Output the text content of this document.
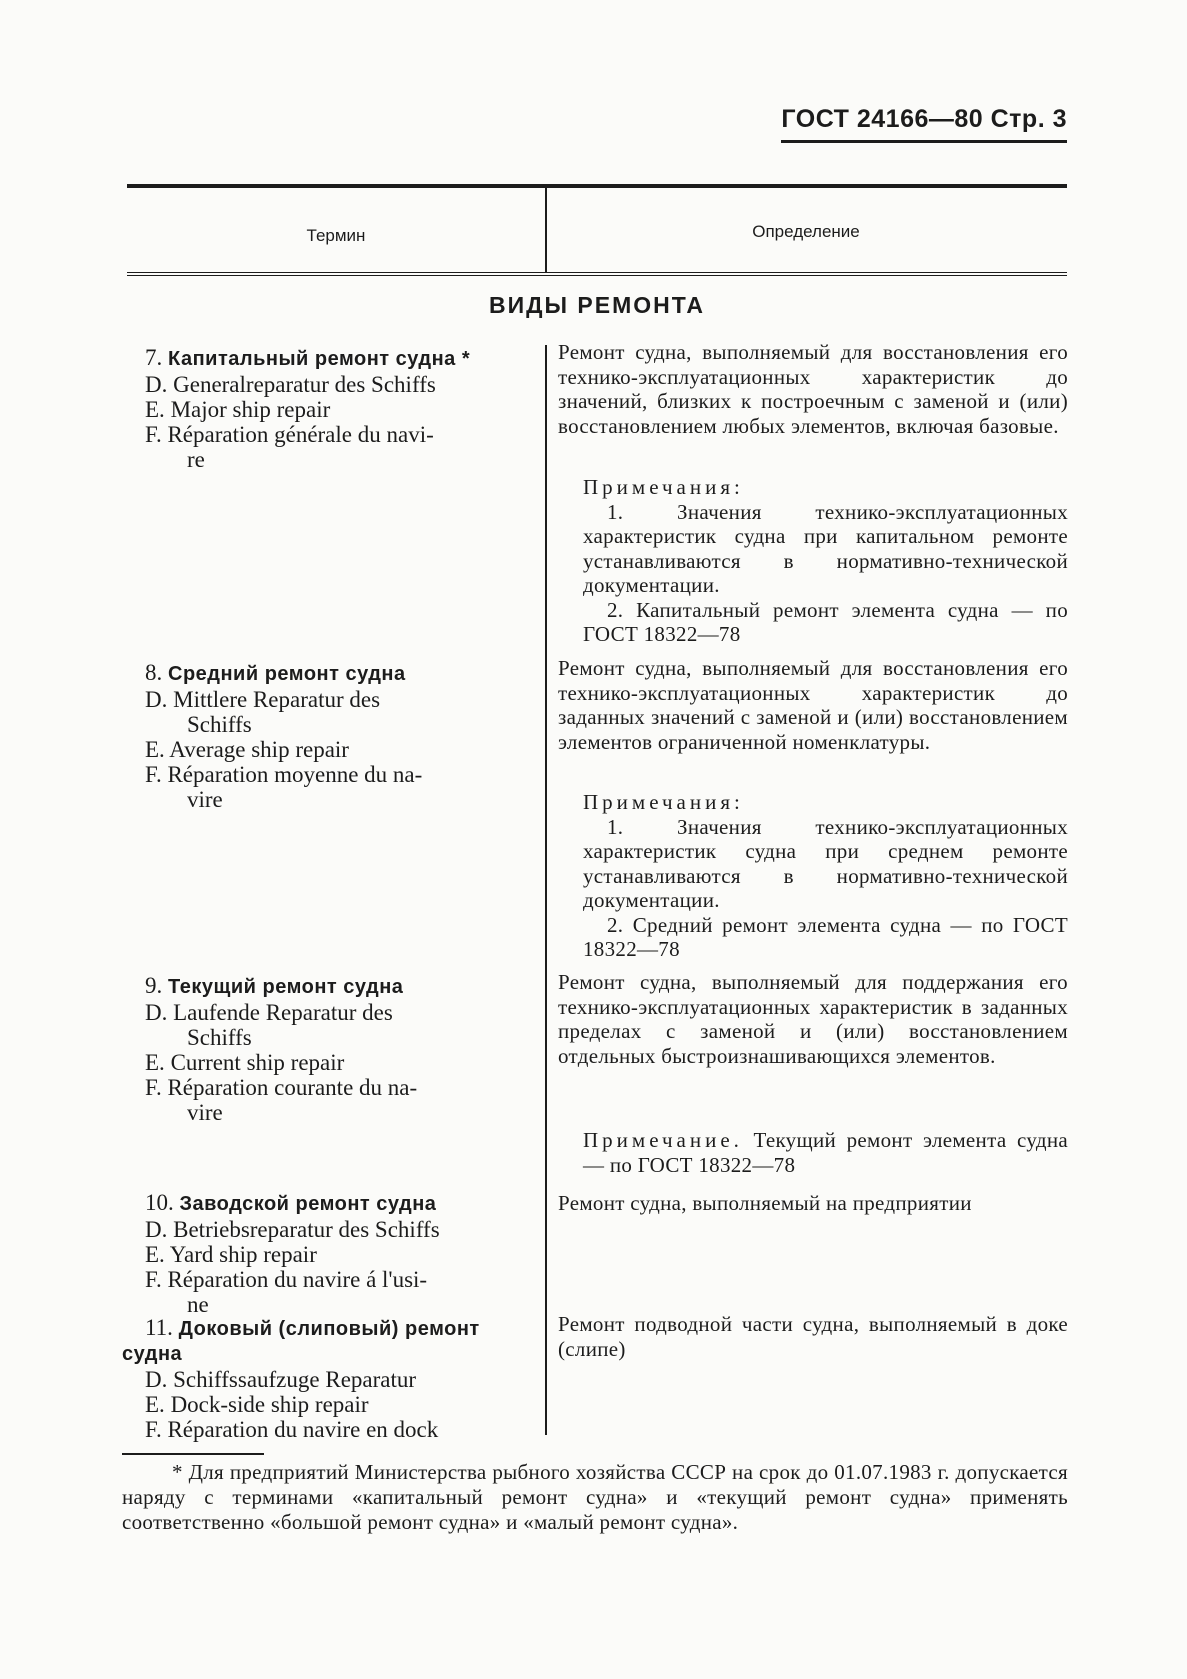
ГОСТ 24166—80 Стр. 3
Термин	Определение
ВИДЫ РЕМОНТА
7. Капитальный ремонт судна *
D. Generalreparatur des Schiffs
E. Major ship repair
F. Réparation générale du navi-
re

Ремонт судна, выполняемый для восстановления его технико-эксплуатационных характеристик до значений, близких к построечным с заменой и (или) восстановлением любых элементов, включая базовые.

Примечания:

1. Значения технико-эксплуатационных характеристик судна при капитальном ремонте устанавливаются в нормативно-технической документации.

2. Капитальный ремонт элемента судна — по ГОСТ 18322—78

8. Средний ремонт судна
D. Mittlere Reparatur des
Schiffs
E. Average ship repair
F. Réparation moyenne du na-
vire

Ремонт судна, выполняемый для восстановления его технико-эксплуатационных характеристик до заданных значений с заменой и (или) восстановлением элементов ограниченной номенклатуры.

Примечания:

1. Значения технико-эксплуатационных характеристик судна при среднем ремонте устанавливаются в нормативно-технической документации.

2. Средний ремонт элемента судна — по ГОСТ 18322—78

9. Текущий ремонт судна
D. Laufende Reparatur des
Schiffs
E. Current ship repair
F. Réparation courante du na-
vire

Ремонт судна, выполняемый для поддержания его технико-эксплуатационных характеристик в заданных пределах с заменой и (или) восстановлением отдельных быстроизнашивающихся элементов.

Примечание. Текущий ремонт элемента судна — по ГОСТ 18322—78

10. Заводской ремонт судна
D. Betriebsreparatur des Schiffs
E. Yard ship repair
F. Réparation du navire á l'usi-
ne

Ремонт судна, выполняемый на предприятии

11. Доковый (слиповый) ремонт
судна
D. Schiffssaufzuge Reparatur
E. Dock-side ship repair
F. Réparation du navire en dock

Ремонт подводной части судна, выполняемый в доке (слипе)

* Для предприятий Министерства рыбного хозяйства СССР на срок до 01.07.1983 г. допускается наряду с терминами «капитальный ремонт судна» и «текущий ремонт судна» применять соответственно «большой ремонт судна» и «малый ремонт судна».
